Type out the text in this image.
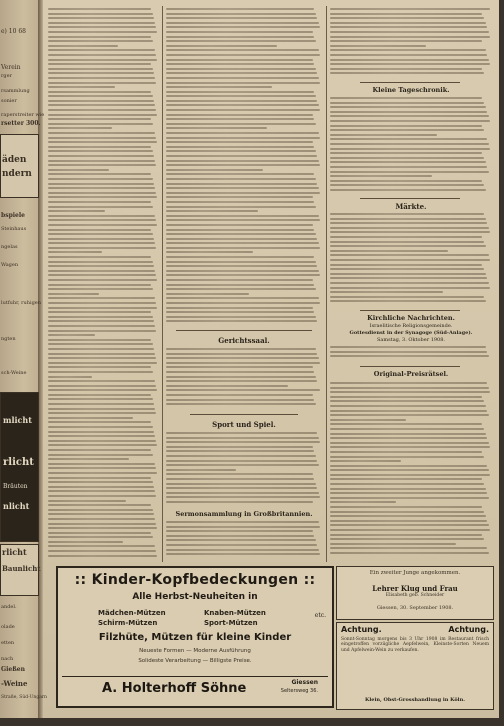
e) 10 68
Verein
rger
rsammlung
sonier
raperstreiter wie
rsetter 300.
äden
ndern
bspiele
Steinhaus
ngelas
Wagen
lutfuhr, ruhigen
ngten
sch-Weine
mlicht
rlicht
Bräuten
nlicht
rlicht
Baunlicht
andel.
olade
etten
nach
Gießen
-Weine
Straße, Süd-Ungarn
Gerichtssaal.
Sport und Spiel.
Sermonsammlung in Großbritannien.
Kleine Tageschronik.
Märkte.
Kirchliche Nachrichten.
Israelitische Religionsgemeinde.
Gottesdienst in der Synagoge (Süd-Anlage).
Samstag, 3. Oktober 1908.
Original-Preisrätsel.
:: Kinder-Kopfbedeckungen ::
Alle Herbst-Neuheiten in
Mädchen-Mützen
Schirm-Mützen
Knaben-Mützen
Sport-Mützen
etc.
Filzhüte, Mützen für kleine Kinder
Neueste Formen — Moderne Ausführung
Solideste Verarbeitung — Billigste Preise.
A. Holterhoff Söhne	Giessen
Seltersweg 36.
Ein zweiter Junge angekommen.
Lehrer Klug und Frau
Elisabeth geb. Schneider
Giessen, 30. September 1908.
Achtung.	Achtung.
Sonnt-Sonntag morgens bis 3 Uhr 1908 im Restaurant frisch eingetroffen vorzügliche Aepfelwein, Kleinste-Sorten Neuem und Apfelwein-Wein zu verkaufen.
Klein, Obst-Grosshandlung in Köln.
